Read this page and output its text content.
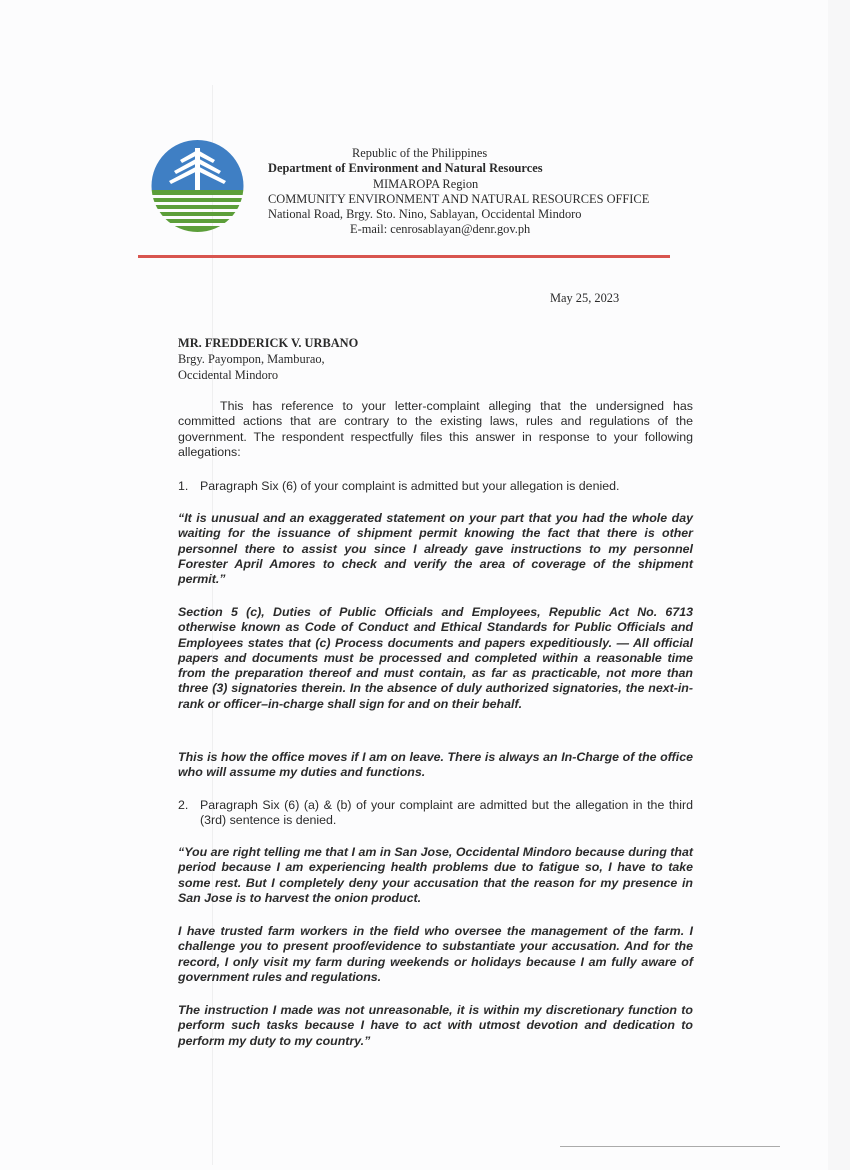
Republic of the Philippines
Department of Environment and Natural Resources
MIMAROPA Region
COMMUNITY ENVIRONMENT AND NATURAL RESOURCES OFFICE
National Road, Brgy. Sto. Nino, Sablayan, Occidental Mindoro
E-mail: cenrosablayan@denr.gov.ph
May 25, 2023
MR. FREDDERICK V. URBANO
Brgy. Payompon, Mamburao,
Occidental Mindoro
This has reference to your letter-complaint alleging that the undersigned has committed actions that are contrary to the existing laws, rules and regulations of the government. The respondent respectfully files this answer in response to your following allegations:
1. Paragraph Six (6) of your complaint is admitted but your allegation is denied.
“It is unusual and an exaggerated statement on your part that you had the whole day waiting for the issuance of shipment permit knowing the fact that there is other personnel there to assist you since I already gave instructions to my personnel Forester April Amores to check and verify the area of coverage of the shipment permit.”
Section 5 (c), Duties of Public Officials and Employees, Republic Act No. 6713 otherwise known as Code of Conduct and Ethical Standards for Public Officials and Employees states that (c) Process documents and papers expeditiously. — All official papers and documents must be processed and completed within a reasonable time from the preparation thereof and must contain, as far as practicable, not more than three (3) signatories therein. In the absence of duly authorized signatories, the next-in-rank or officer–in-charge shall sign for and on their behalf.
This is how the office moves if I am on leave. There is always an In-Charge of the office who will assume my duties and functions.
2. Paragraph Six (6) (a) & (b) of your complaint are admitted but the allegation in the third (3rd) sentence is denied.
“You are right telling me that I am in San Jose, Occidental Mindoro because during that period because I am experiencing health problems due to fatigue so, I have to take some rest. But I completely deny your accusation that the reason for my presence in San Jose is to harvest the onion product.
I have trusted farm workers in the field who oversee the management of the farm. I challenge you to present proof/evidence to substantiate your accusation. And for the record, I only visit my farm during weekends or holidays because I am fully aware of government rules and regulations.
The instruction I made was not unreasonable, it is within my discretionary function to perform such tasks because I have to act with utmost devotion and dedication to perform my duty to my country.”
